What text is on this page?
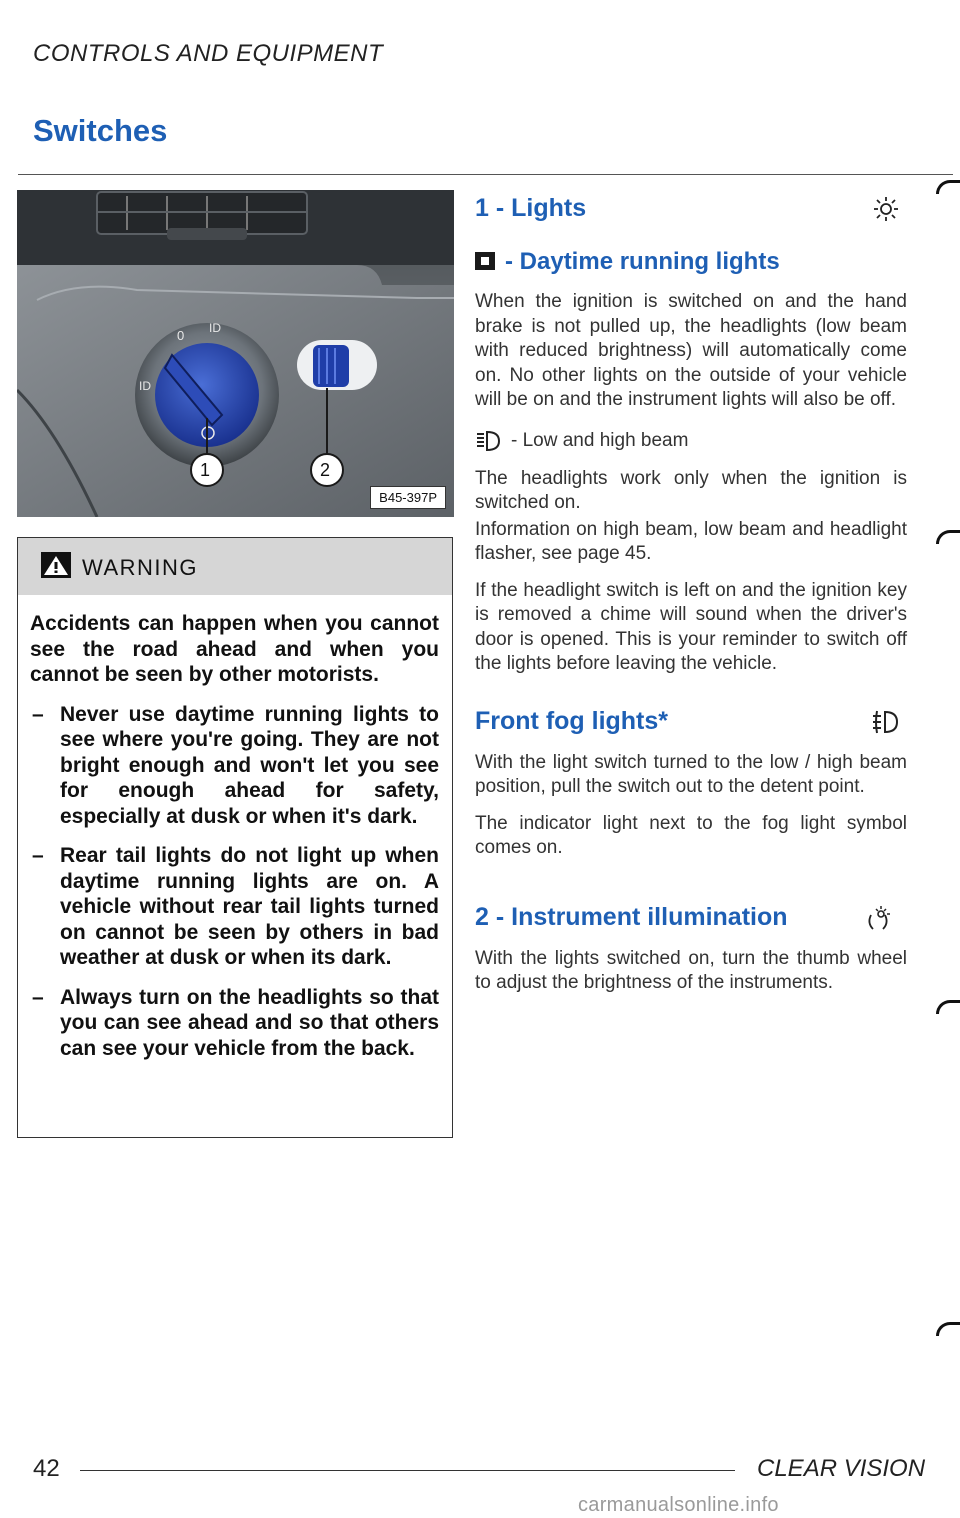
CONTROLS AND EQUIPMENT
Switches
0 ID
ID
1	2
B45-397P
WARNING

Accidents can happen when you cannot see the road ahead and when you cannot be seen by other motorists.

– Never use daytime running lights to see where you're going. They are not bright enough and won't let you see for enough ahead for safety, especially at dusk or when it's dark.
– Rear tail lights do not light up when daytime running lights are on. A vehicle without rear tail lights turned on cannot be seen by others in bad weather at dusk or when its dark.
– Always turn on the headlights so that you can see ahead and so that others can see your vehicle from the back.
1 - Lights
- Daytime running lights

When the ignition is switched on and the hand brake is not pulled up, the headlights (low beam with reduced brightness) will automatically come on. No other lights on the outside of your vehicle will be on and the instrument lights will also be off.

- Low and high beam

The headlights work only when the ignition is switched on.

Information on high beam, low beam and headlight flasher, see page 45.

If the headlight switch is left on and the ignition key is removed a chime will sound when the driver's door is opened. This is your reminder to switch off the lights before leaving the vehicle.

Front fog lights*

With the light switch turned to the low / high beam position, pull the switch out to the detent point.

The indicator light next to the fog light symbol comes on.

2 - Instrument illumination

With the lights switched on, turn the thumb wheel to adjust the brightness of the instruments.

42	CLEAR VISION
carmanualsonline.info
